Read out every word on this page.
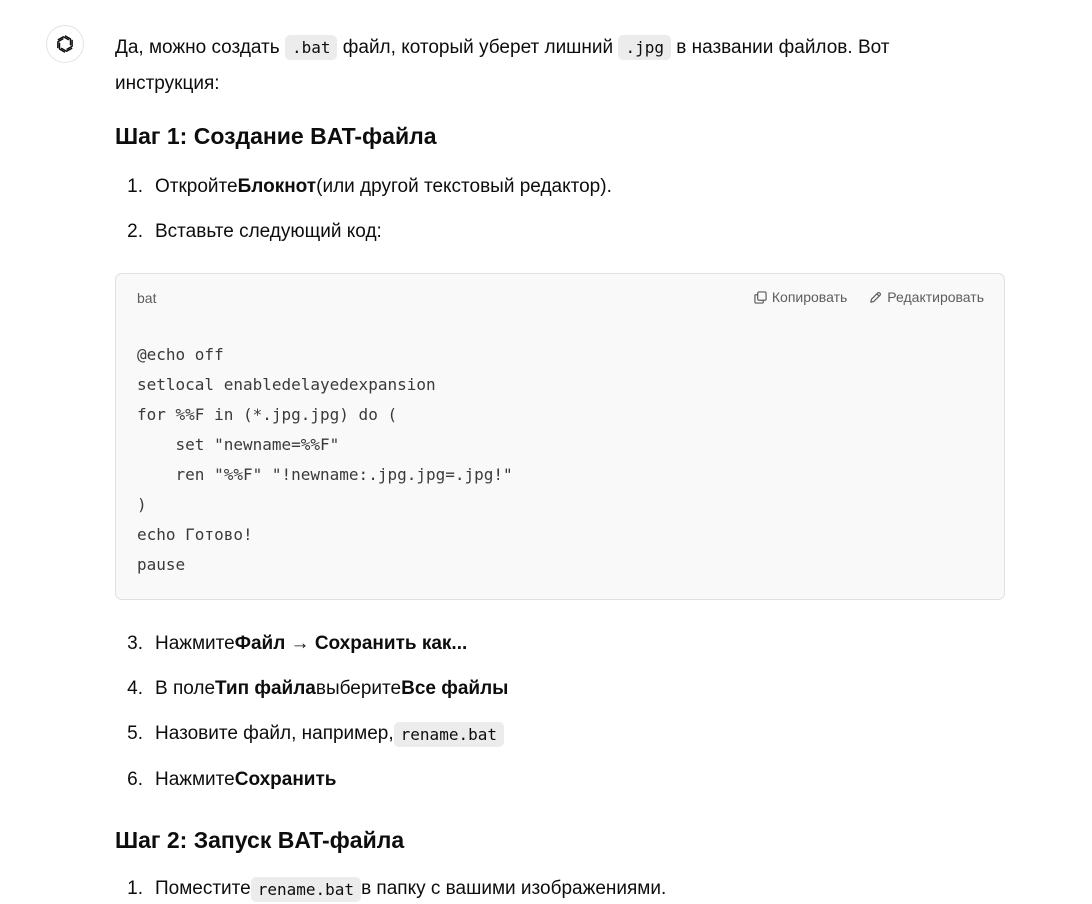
Да, можно создать .bat файл, который уберет лишний .jpg в названии файлов. Вот
инструкция:

Шаг 1: Создание BAT-файла
1. Откройте Блокнот (или другой текстовый редактор).
2. Вставьте следующий код:
bat	Копировать	Редактировать
@echo off
setlocal enabledelayedexpansion
for %%F in (*.jpg.jpg) do (
set "newname=%%F"
ren "%%F" "!newname:.jpg.jpg=.jpg!"
)
echo Готово!
pause
3. Нажмите Файл → Сохранить как...
4. В поле Тип файла выберите Все файлы
5. Назовите файл, например, rename.bat
6. Нажмите Сохранить
Шаг 2: Запуск BAT-файла
1. Поместите rename.bat в папку с вашими изображениями.
